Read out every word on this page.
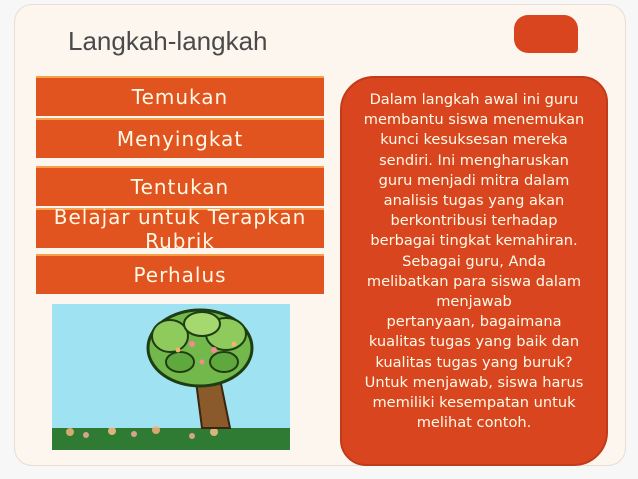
Langkah-langkah
Temukan
Menyingkat
Tentukan
Belajar untuk Terapkan
Rubrik
Perhalus
Dalam langkah awal ini guru
membantu siswa menemukan
kunci kesuksesan mereka
sendiri. Ini mengharuskan
guru menjadi mitra dalam
analisis tugas yang akan
berkontribusi terhadap
berbagai tingkat kemahiran.
Sebagai guru, Anda
melibatkan para siswa dalam
menjawab
pertanyaan, bagaimana
kualitas tugas yang baik dan
kualitas tugas yang buruk?
Untuk menjawab, siswa harus
memiliki kesempatan untuk
melihat contoh.
